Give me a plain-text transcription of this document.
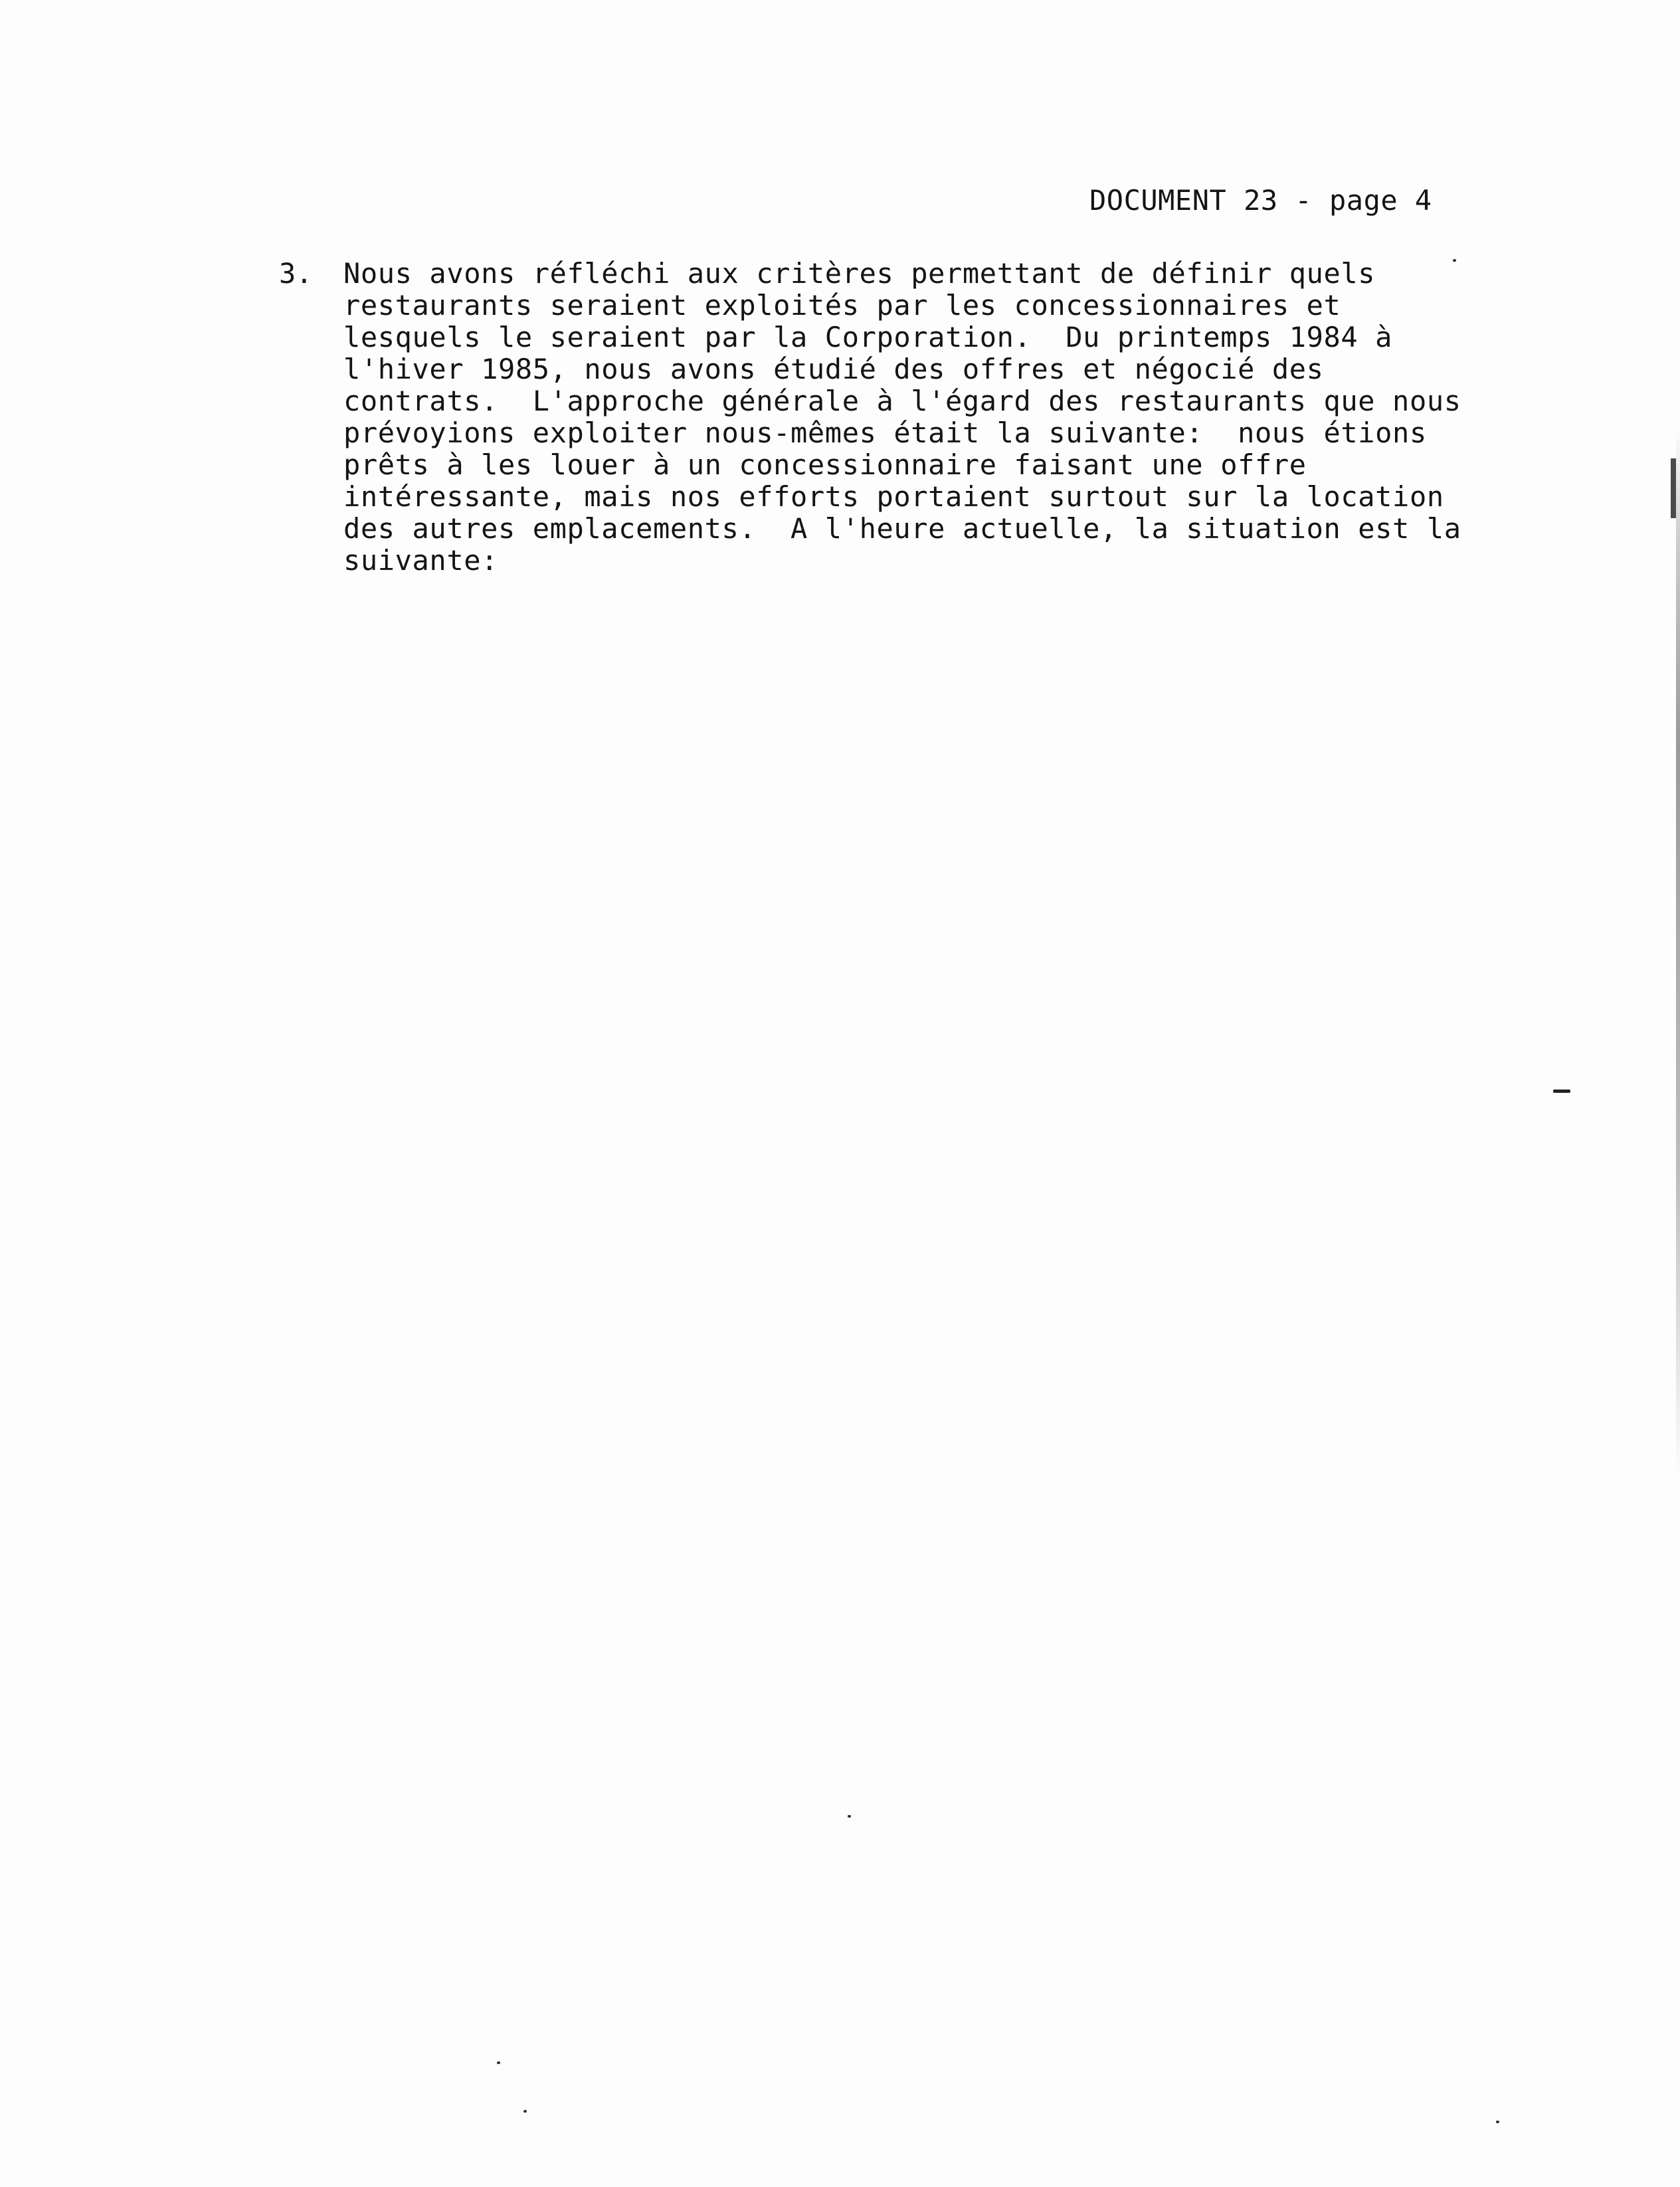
DOCUMENT 23 - page 4
3. Nous avons réfléchi aux critères permettant de définir quels
restaurants seraient exploités par les concessionnaires et
lesquels le seraient par la Corporation.  Du printemps 1984 à
l'hiver 1985, nous avons étudié des offres et négocié des
contrats.  L'approche générale à l'égard des restaurants que nous
prévoyions exploiter nous-mêmes était la suivante:  nous étions
prêts à les louer à un concessionnaire faisant une offre
intéressante, mais nos efforts portaient surtout sur la location
des autres emplacements.  A l'heure actuelle, la situation est la
suivante:
